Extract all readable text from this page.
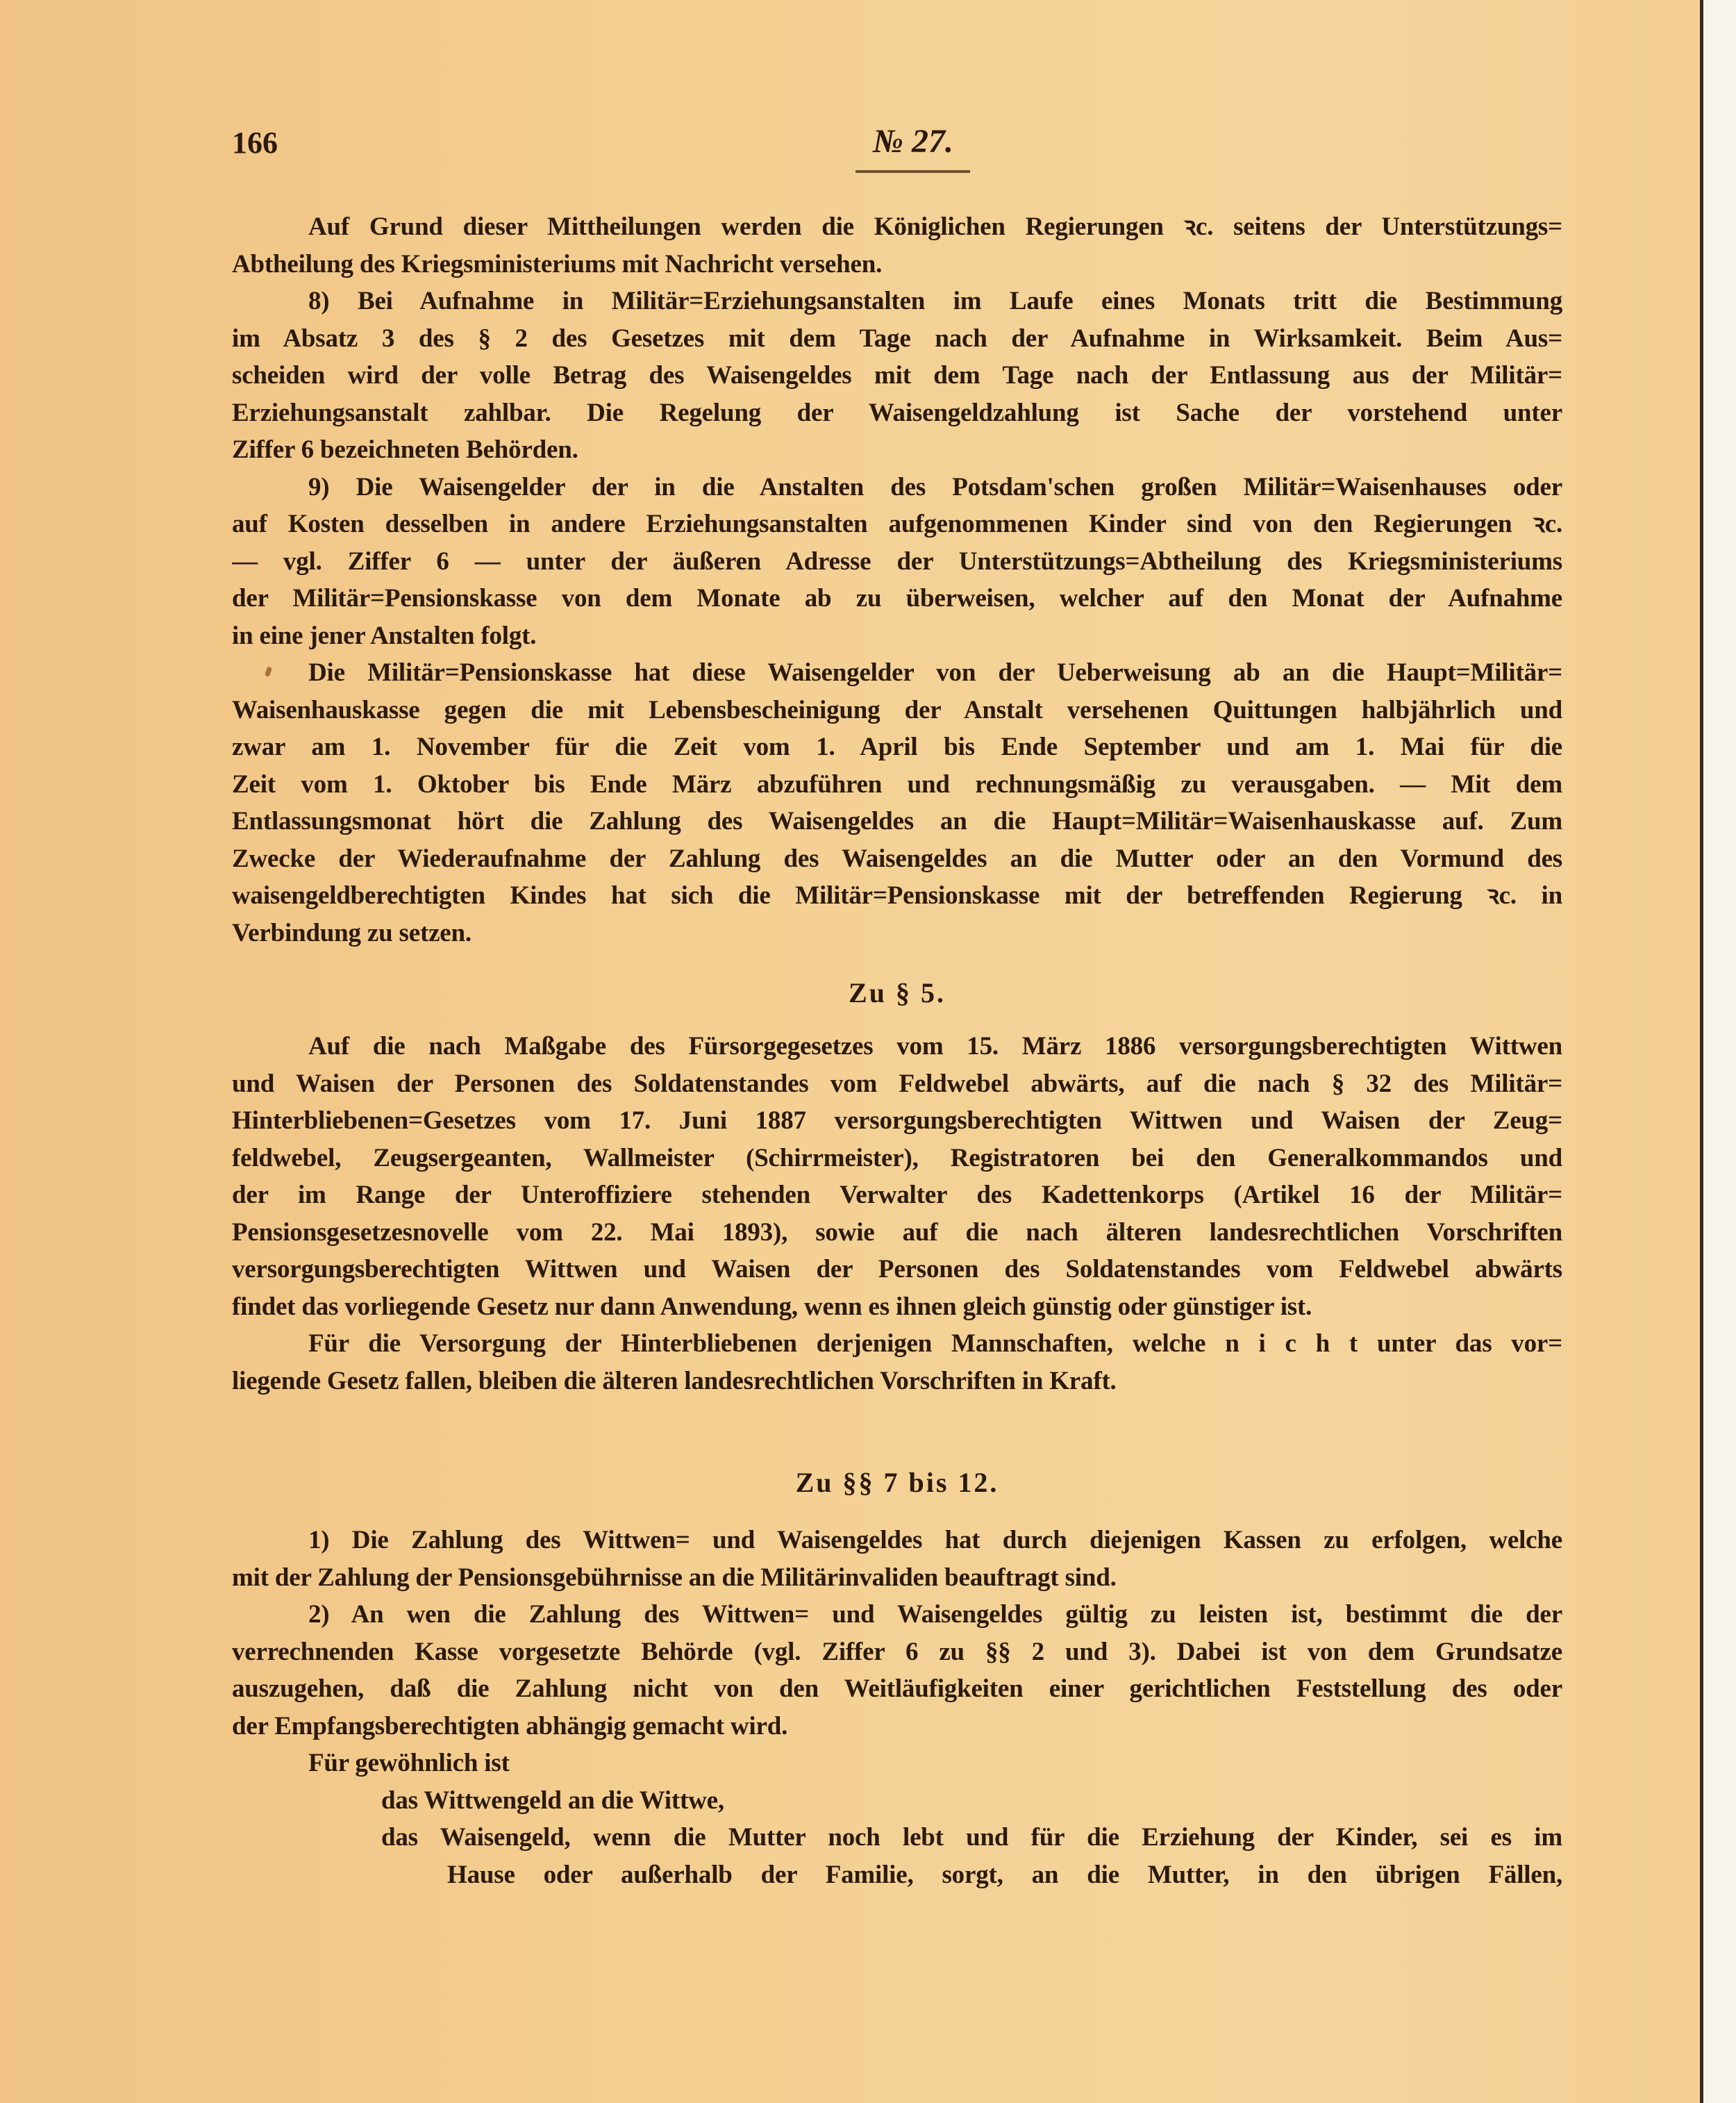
166	№ 27.
Auf Grund dieser Mittheilungen werden die Königlichen Regierungen ꝛc. seitens der Unterstützungs=
Abtheilung des Kriegsministeriums mit Nachricht versehen.
8) Bei Aufnahme in Militär=Erziehungsanstalten im Laufe eines Monats tritt die Bestimmung
im Absatz 3 des § 2 des Gesetzes mit dem Tage nach der Aufnahme in Wirksamkeit. Beim Aus=
scheiden wird der volle Betrag des Waisengeldes mit dem Tage nach der Entlassung aus der Militär=
Erziehungsanstalt zahlbar. Die Regelung der Waisengeldzahlung ist Sache der vorstehend unter
Ziffer 6 bezeichneten Behörden.
9) Die Waisengelder der in die Anstalten des Potsdam'schen großen Militär=Waisenhauses oder
auf Kosten desselben in andere Erziehungsanstalten aufgenommenen Kinder sind von den Regierungen ꝛc.
— vgl. Ziffer 6 — unter der äußeren Adresse der Unterstützungs=Abtheilung des Kriegsministeriums
der Militär=Pensionskasse von dem Monate ab zu überweisen, welcher auf den Monat der Aufnahme
in eine jener Anstalten folgt.
Die Militär=Pensionskasse hat diese Waisengelder von der Ueberweisung ab an die Haupt=Militär=
Waisenhauskasse gegen die mit Lebensbescheinigung der Anstalt versehenen Quittungen halbjährlich und
zwar am 1. November für die Zeit vom 1. April bis Ende September und am 1. Mai für die
Zeit vom 1. Oktober bis Ende März abzuführen und rechnungsmäßig zu verausgaben. — Mit dem
Entlassungsmonat hört die Zahlung des Waisengeldes an die Haupt=Militär=Waisenhauskasse auf. Zum
Zwecke der Wiederaufnahme der Zahlung des Waisengeldes an die Mutter oder an den Vormund des
waisengeldberechtigten Kindes hat sich die Militär=Pensionskasse mit der betreffenden Regierung ꝛc. in
Verbindung zu setzen.
Zu § 5.
Auf die nach Maßgabe des Fürsorgegesetzes vom 15. März 1886 versorgungsberechtigten Wittwen
und Waisen der Personen des Soldatenstandes vom Feldwebel abwärts, auf die nach § 32 des Militär=
Hinterbliebenen=Gesetzes vom 17. Juni 1887 versorgungsberechtigten Wittwen und Waisen der Zeug=
feldwebel, Zeugsergeanten, Wallmeister (Schirrmeister), Registratoren bei den Generalkommandos und
der im Range der Unteroffiziere stehenden Verwalter des Kadettenkorps (Artikel 16 der Militär=
Pensionsgesetzesnovelle vom 22. Mai 1893), sowie auf die nach älteren landesrechtlichen Vorschriften
versorgungsberechtigten Wittwen und Waisen der Personen des Soldatenstandes vom Feldwebel abwärts
findet das vorliegende Gesetz nur dann Anwendung, wenn es ihnen gleich günstig oder günstiger ist.
Für die Versorgung der Hinterbliebenen derjenigen Mannschaften, welche n i c h t unter das vor=
liegende Gesetz fallen, bleiben die älteren landesrechtlichen Vorschriften in Kraft.
Zu §§ 7 bis 12.
1) Die Zahlung des Wittwen= und Waisengeldes hat durch diejenigen Kassen zu erfolgen, welche
mit der Zahlung der Pensionsgebührnisse an die Militärinvaliden beauftragt sind.
2) An wen die Zahlung des Wittwen= und Waisengeldes gültig zu leisten ist, bestimmt die der
verrechnenden Kasse vorgesetzte Behörde (vgl. Ziffer 6 zu §§ 2 und 3). Dabei ist von dem Grundsatze
auszugehen, daß die Zahlung nicht von den Weitläufigkeiten einer gerichtlichen Feststellung des oder
der Empfangsberechtigten abhängig gemacht wird.
Für gewöhnlich ist
das Wittwengeld an die Wittwe,
das Waisengeld, wenn die Mutter noch lebt und für die Erziehung der Kinder, sei es im
Hause oder außerhalb der Familie, sorgt, an die Mutter, in den übrigen Fällen,
